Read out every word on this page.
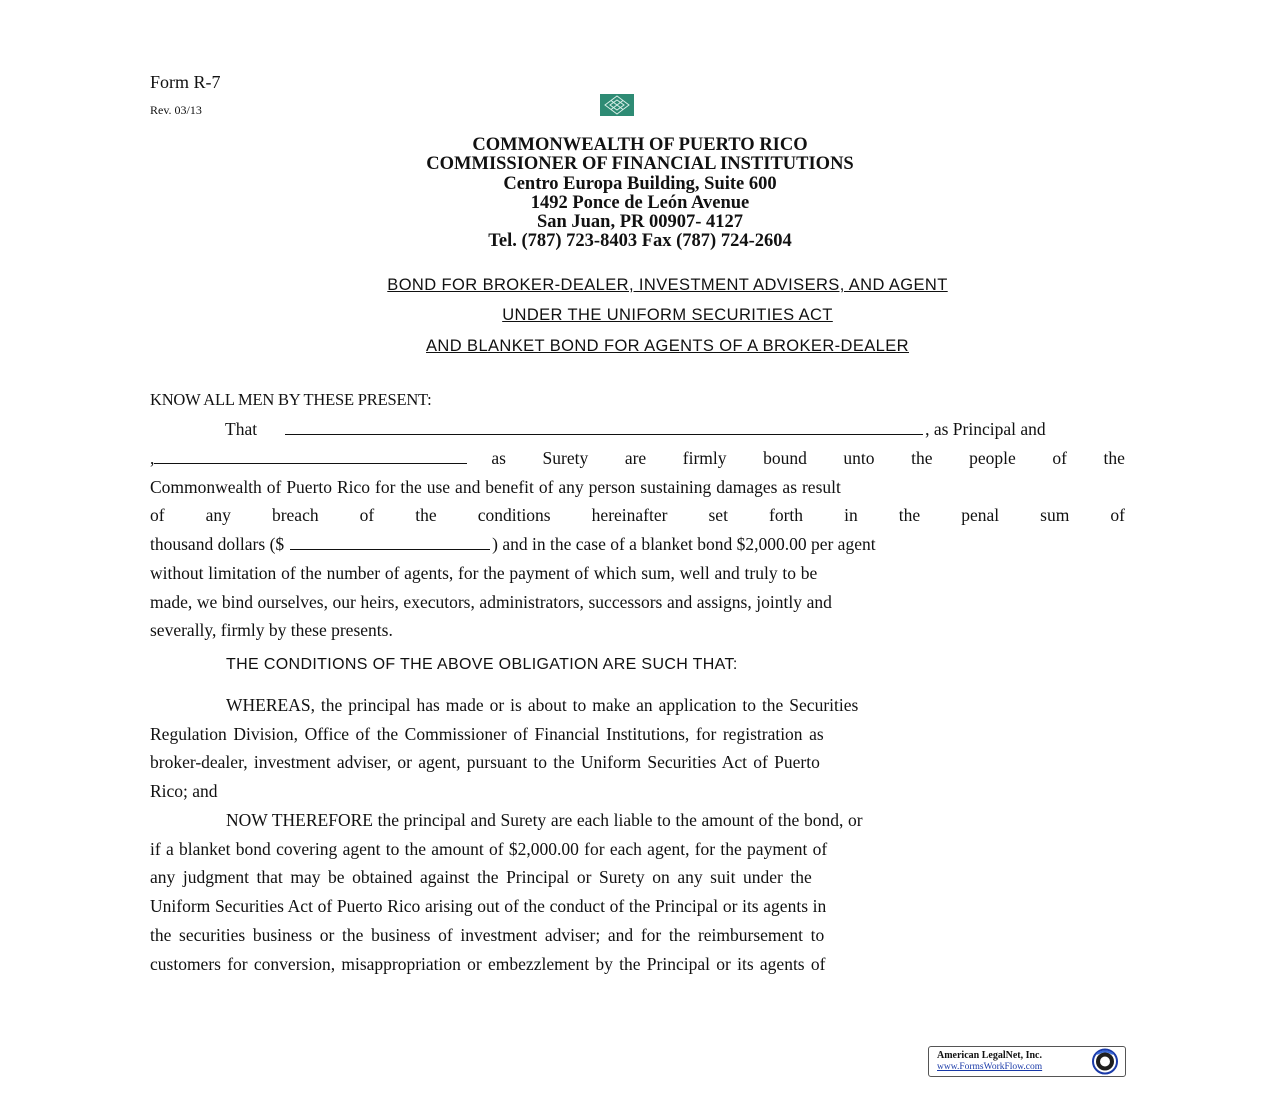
Form R-7
Rev. 03/13
COMMONWEALTH OF PUERTO RICO
COMMISSIONER OF FINANCIAL INSTITUTIONS
Centro Europa Building, Suite 600
1492 Ponce de León Avenue
San Juan, PR 00907- 4127
Tel. (787) 723-8403 Fax (787) 724-2604
BOND FOR BROKER-DEALER, INVESTMENT ADVISERS, AND AGENT
UNDER THE UNIFORM SECURITIES ACT
AND BLANKET BOND FOR AGENTS OF A BROKER-DEALER
KNOW ALL MEN BY THESE PRESENT:
That	, as Principal and
,	as Surety are firmly bound unto the people of the
Commonwealth of Puerto Rico for the use and benefit of any person sustaining damages as result
of any breach of the conditions hereinafter set forth in the penal sum of
thousand dollars ($	) and in the case of a blanket bond $2,000.00 per agent
without limitation of the number of agents, for the payment of which sum, well and truly to be
made, we bind ourselves, our heirs, executors, administrators, successors and assigns, jointly and
severally, firmly by these presents.
THE CONDITIONS OF THE ABOVE OBLIGATION ARE SUCH THAT:
WHEREAS, the principal has made or is about to make an application to the Securities
Regulation Division, Office of the Commissioner of Financial Institutions, for registration as
broker-dealer, investment adviser, or agent, pursuant to the Uniform Securities Act of Puerto
Rico; and
NOW THEREFORE the principal and Surety are each liable to the amount of the bond, or
if a blanket bond covering agent to the amount of $2,000.00 for each agent, for the payment of
any judgment that may be obtained against the Principal or Surety on any suit under the
Uniform Securities Act of Puerto Rico arising out of the conduct of the Principal or its agents in
the securities business or the business of investment adviser; and for the reimbursement to
customers for conversion, misappropriation or embezzlement by the Principal or its agents of
American LegalNet, Inc.
www.FormsWorkFlow.com
